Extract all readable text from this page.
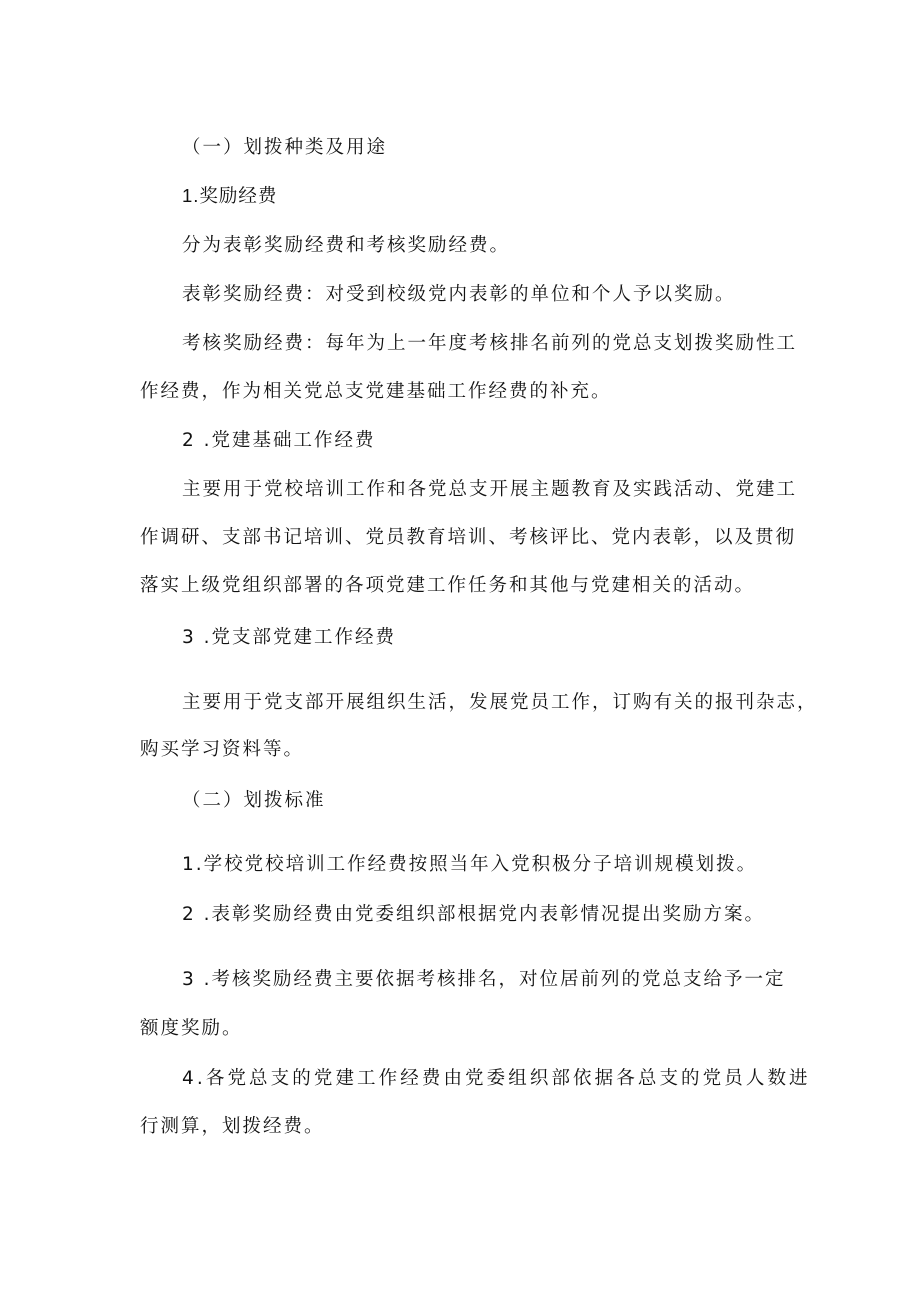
（一）划拨种类及用途
1.奖励经费
分为表彰奖励经费和考核奖励经费。
表彰奖励经费：对受到校级党内表彰的单位和个人予以奖励。
考核奖励经费：每年为上一年度考核排名前列的党总支划拨奖励性工
作经费，作为相关党总支党建基础工作经费的补充。
2 .党建基础工作经费
主要用于党校培训工作和各党总支开展主题教育及实践活动、党建工
作调研、支部书记培训、党员教育培训、考核评比、党内表彰，以及贯彻
落实上级党组织部署的各项党建工作任务和其他与党建相关的活动。
3 .党支部党建工作经费
主要用于党支部开展组织生活，发展党员工作，订购有关的报刊杂志，
购买学习资料等。
（二）划拨标准
1.学校党校培训工作经费按照当年入党积极分子培训规模划拨。
2 .表彰奖励经费由党委组织部根据党内表彰情况提出奖励方案。
3 .考核奖励经费主要依据考核排名，对位居前列的党总支给予一定
额度奖励。
4.各党总支的党建工作经费由党委组织部依据各总支的党员人数进
行测算，划拨经费。
